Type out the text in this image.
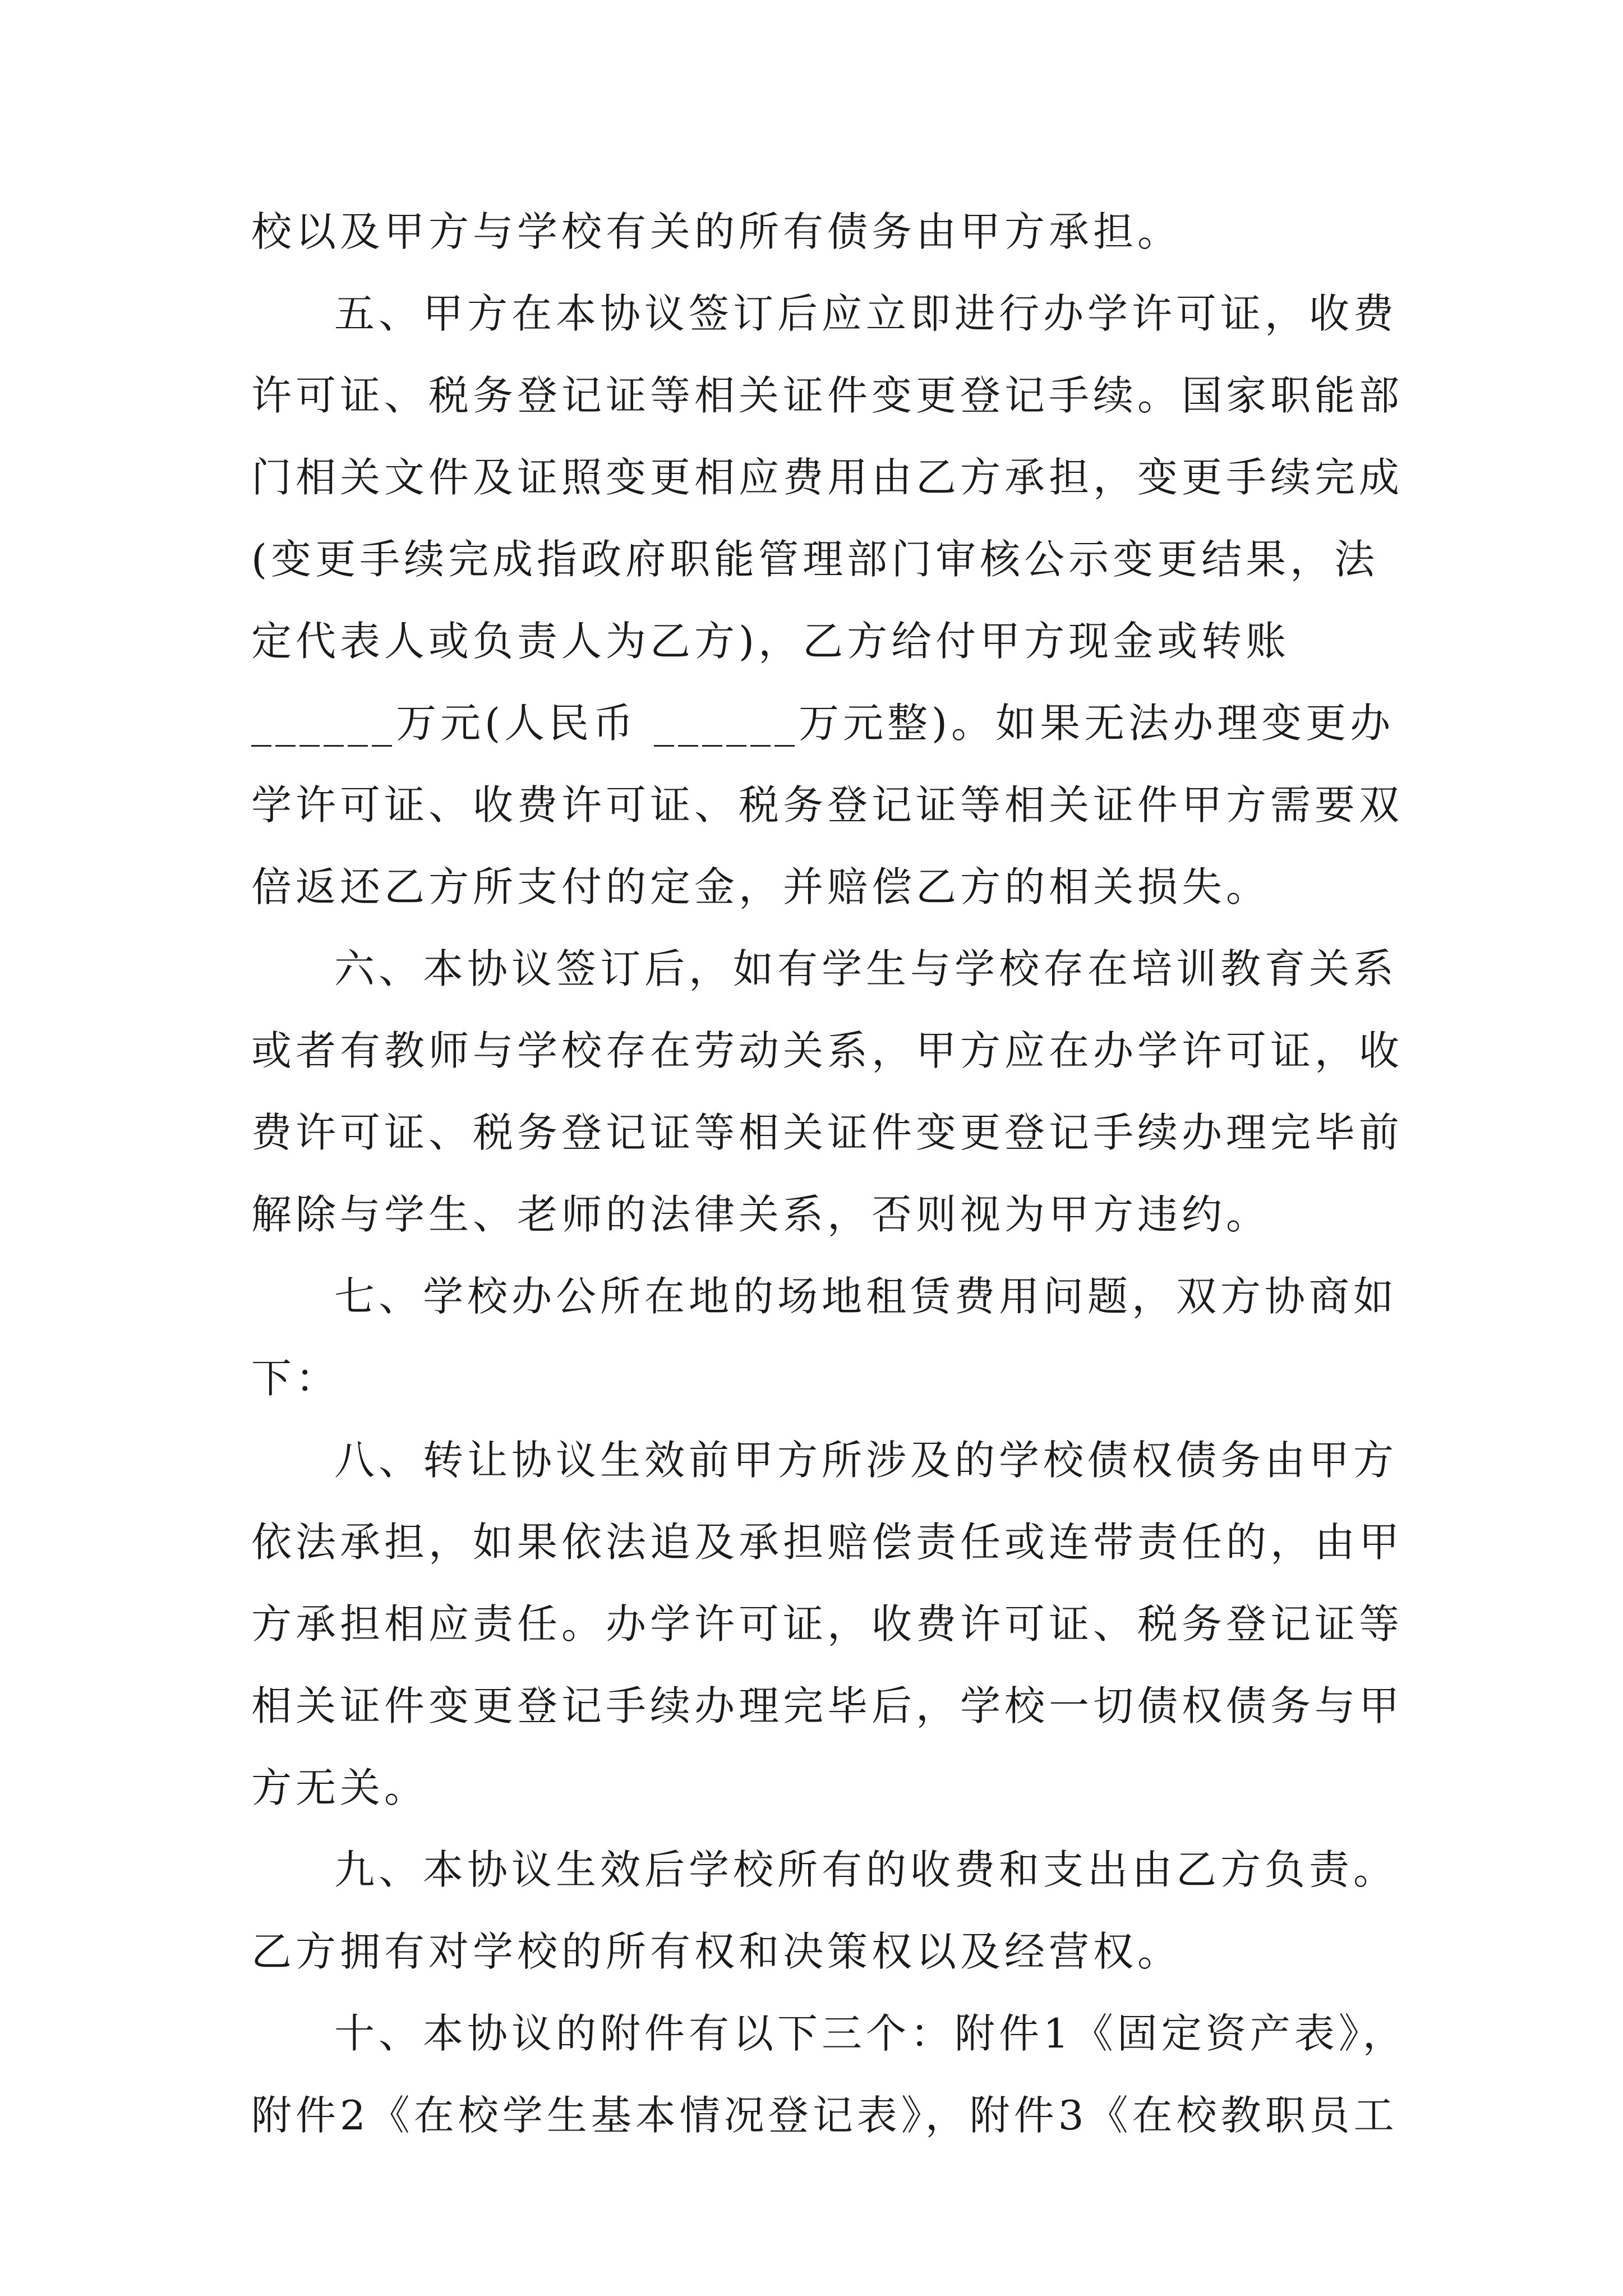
校以及甲方与学校有关的所有债务由甲方承担。
五、甲方在本协议签订后应立即进行办学许可证，收费
许可证、税务登记证等相关证件变更登记手续。国家职能部
门相关文件及证照变更相应费用由乙方承担，变更手续完成
(变更手续完成指政府职能管理部门审核公示变更结果，法
定代表人或负责人为乙方)，乙方给付甲方现金或转账
______万元(人民币 ______万元整)。如果无法办理变更办
学许可证、收费许可证、税务登记证等相关证件甲方需要双
倍返还乙方所支付的定金，并赔偿乙方的相关损失。
六、本协议签订后，如有学生与学校存在培训教育关系
或者有教师与学校存在劳动关系，甲方应在办学许可证，收
费许可证、税务登记证等相关证件变更登记手续办理完毕前
解除与学生、老师的法律关系，否则视为甲方违约。
七、学校办公所在地的场地租赁费用问题，双方协商如
下：
八、转让协议生效前甲方所涉及的学校债权债务由甲方
依法承担，如果依法追及承担赔偿责任或连带责任的，由甲
方承担相应责任。办学许可证，收费许可证、税务登记证等
相关证件变更登记手续办理完毕后，学校一切债权债务与甲
方无关。
九、本协议生效后学校所有的收费和支出由乙方负责。
乙方拥有对学校的所有权和决策权以及经营权。
十、本协议的附件有以下三个：附件1《固定资产表》，
附件2《在校学生基本情况登记表》，附件3《在校教职员工
